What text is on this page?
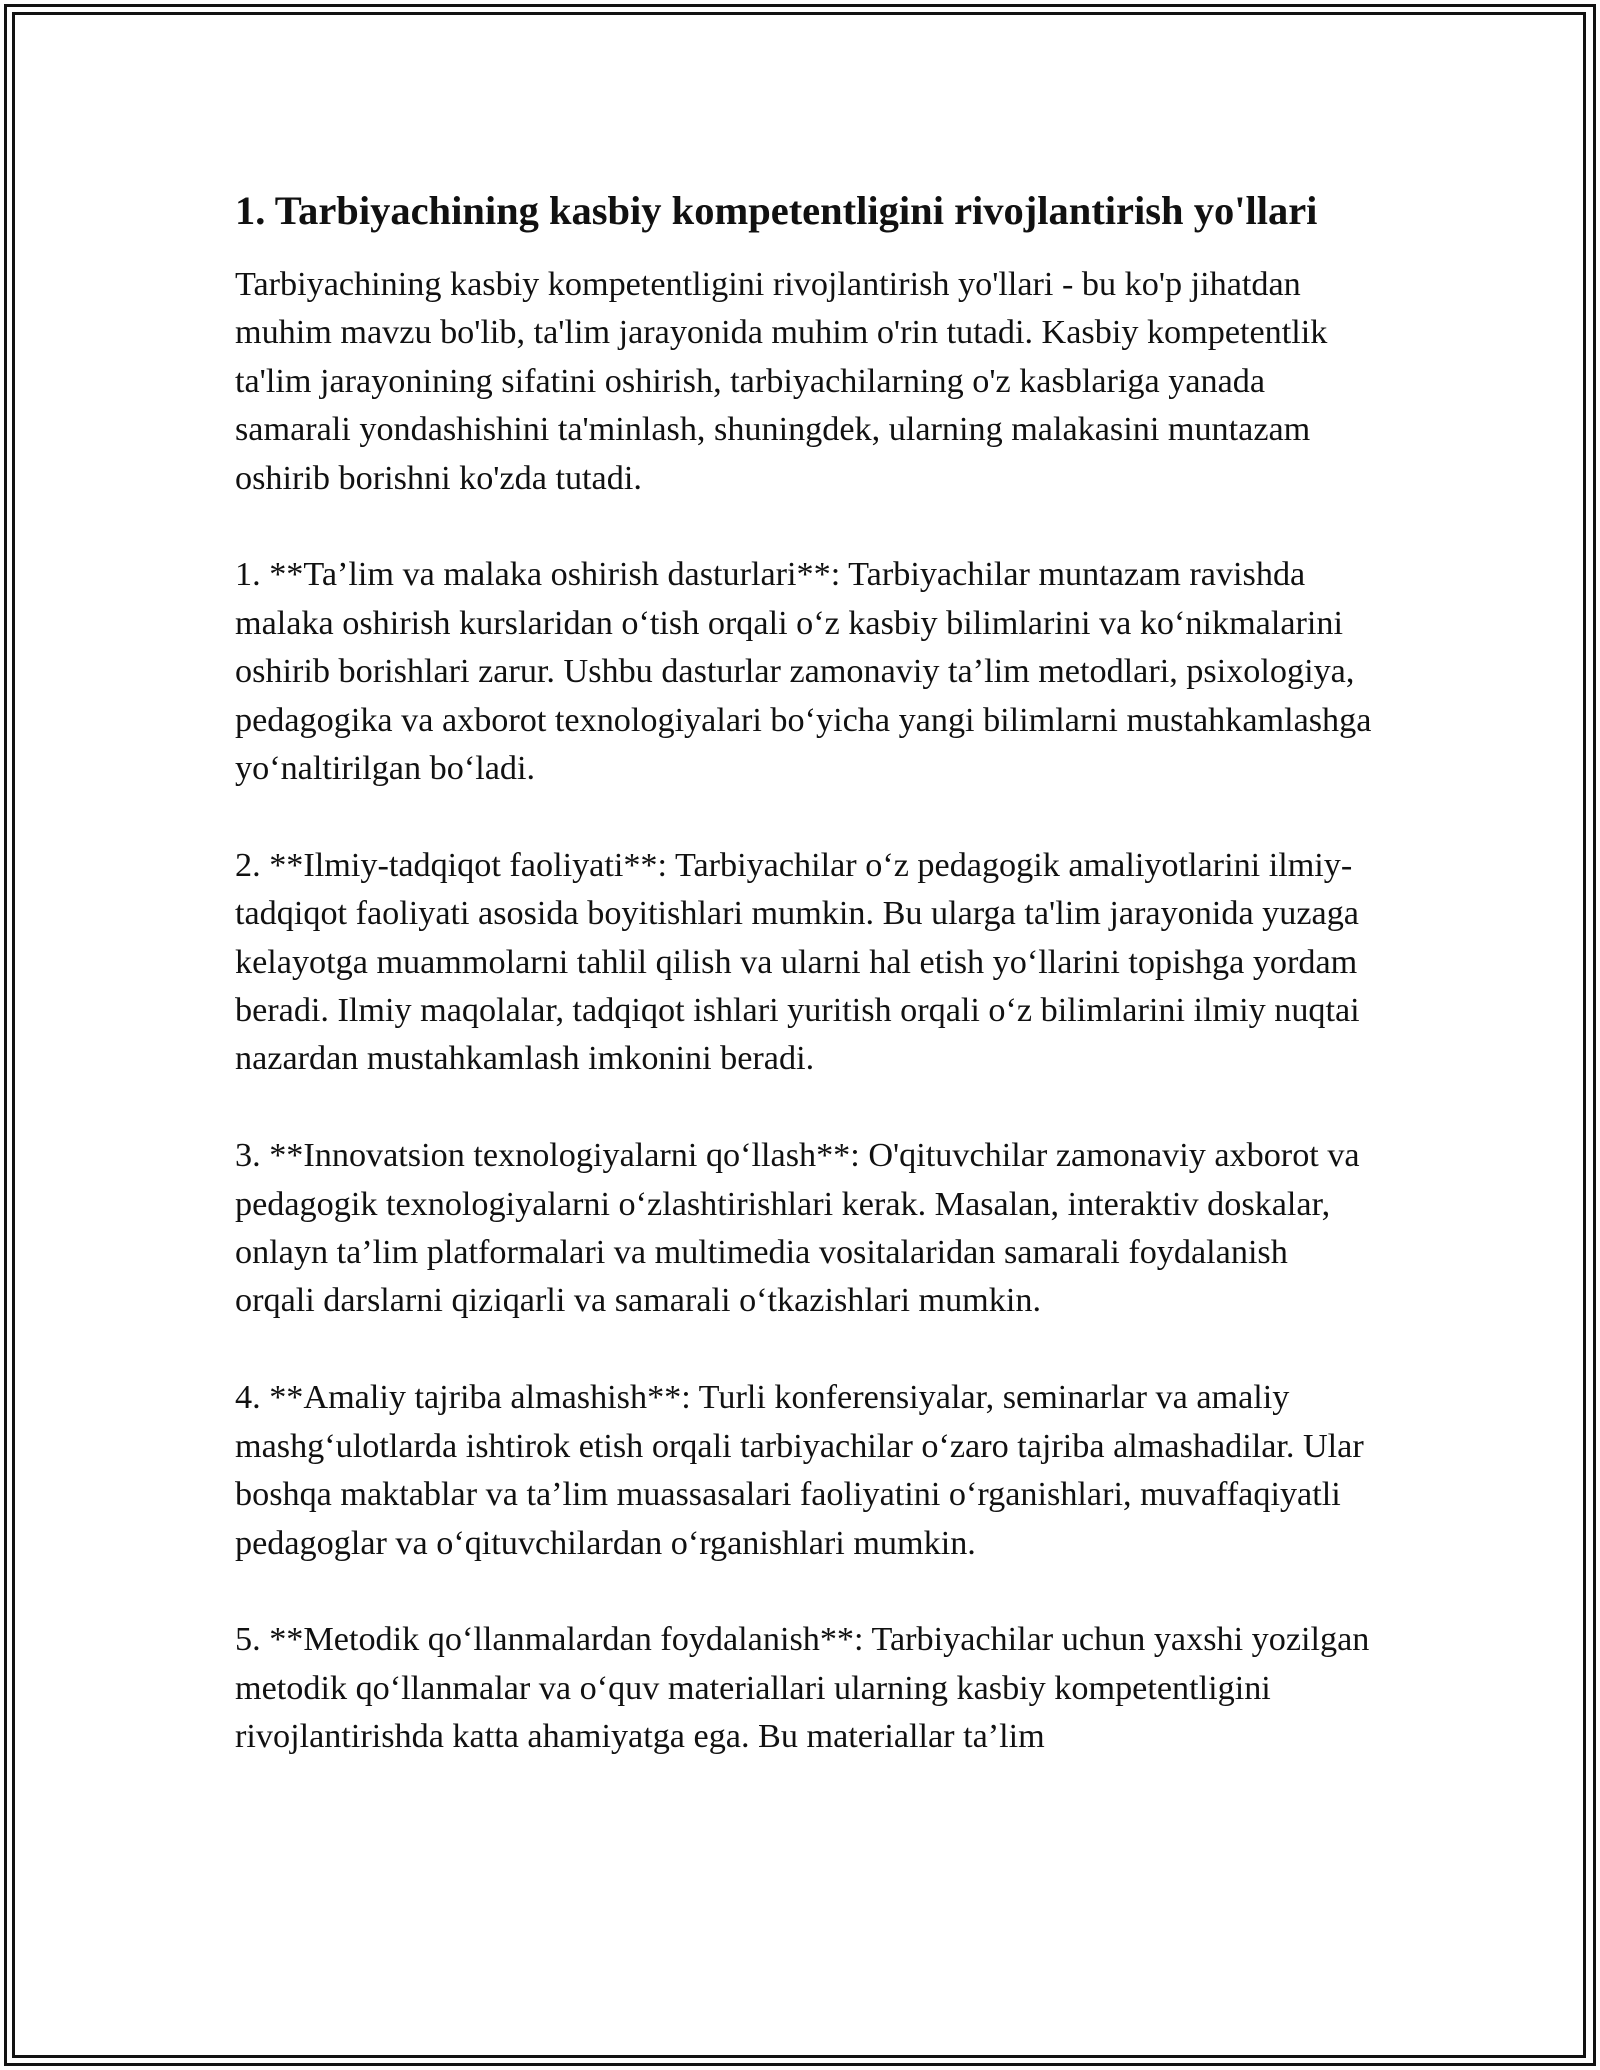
1. Tarbiyachining kasbiy kompetentligini rivojlantirish yo'llari

Tarbiyachining kasbiy kompetentligini rivojlantirish yo'llari - bu ko'p jihatdan muhim mavzu bo'lib, ta'lim jarayonida muhim o'rin tutadi. Kasbiy kompetentlik ta'lim jarayonining sifatini oshirish, tarbiyachilarning o'z kasblariga yanada samarali yondashishini ta'minlash, shuningdek, ularning malakasini muntazam oshirib borishni ko'zda tutadi.

1. **Ta’lim va malaka oshirish dasturlari**: Tarbiyachilar muntazam ravishda malaka oshirish kurslaridan o‘tish orqali o‘z kasbiy bilimlarini va ko‘nikmalarini oshirib borishlari zarur. Ushbu dasturlar zamonaviy ta’lim metodlari, psixologiya, pedagogika va axborot texnologiyalari bo‘yicha yangi bilimlarni mustahkamlashga yo‘naltirilgan bo‘ladi.

2. **Ilmiy-tadqiqot faoliyati**: Tarbiyachilar o‘z pedagogik amaliyotlarini ilmiy-tadqiqot faoliyati asosida boyitishlari mumkin. Bu ularga ta'lim jarayonida yuzaga kelayotga muammolarni tahlil qilish va ularni hal etish yo‘llarini topishga yordam beradi. Ilmiy maqolalar, tadqiqot ishlari yuritish orqali o‘z bilimlarini ilmiy nuqtai nazardan mustahkamlash imkonini beradi.

3. **Innovatsion texnologiyalarni qo‘llash**: O'qituvchilar zamonaviy axborot va pedagogik texnologiyalarni o‘zlashtirishlari kerak. Masalan, interaktiv doskalar, onlayn ta’lim platformalari va multimedia vositalaridan samarali foydalanish orqali darslarni qiziqarli va samarali o‘tkazishlari mumkin.

4. **Amaliy tajriba almashish**: Turli konferensiyalar, seminarlar va amaliy mashg‘ulotlarda ishtirok etish orqali tarbiyachilar o‘zaro tajriba almashadilar. Ular boshqa maktablar va ta’lim muassasalari faoliyatini o‘rganishlari, muvaffaqiyatli pedagoglar va o‘qituvchilardan o‘rganishlari mumkin.

5. **Metodik qo‘llanmalardan foydalanish**: Tarbiyachilar uchun yaxshi yozilgan metodik qo‘llanmalar va o‘quv materiallari ularning kasbiy kompetentligini rivojlantirishda katta ahamiyatga ega. Bu materiallar ta’lim
